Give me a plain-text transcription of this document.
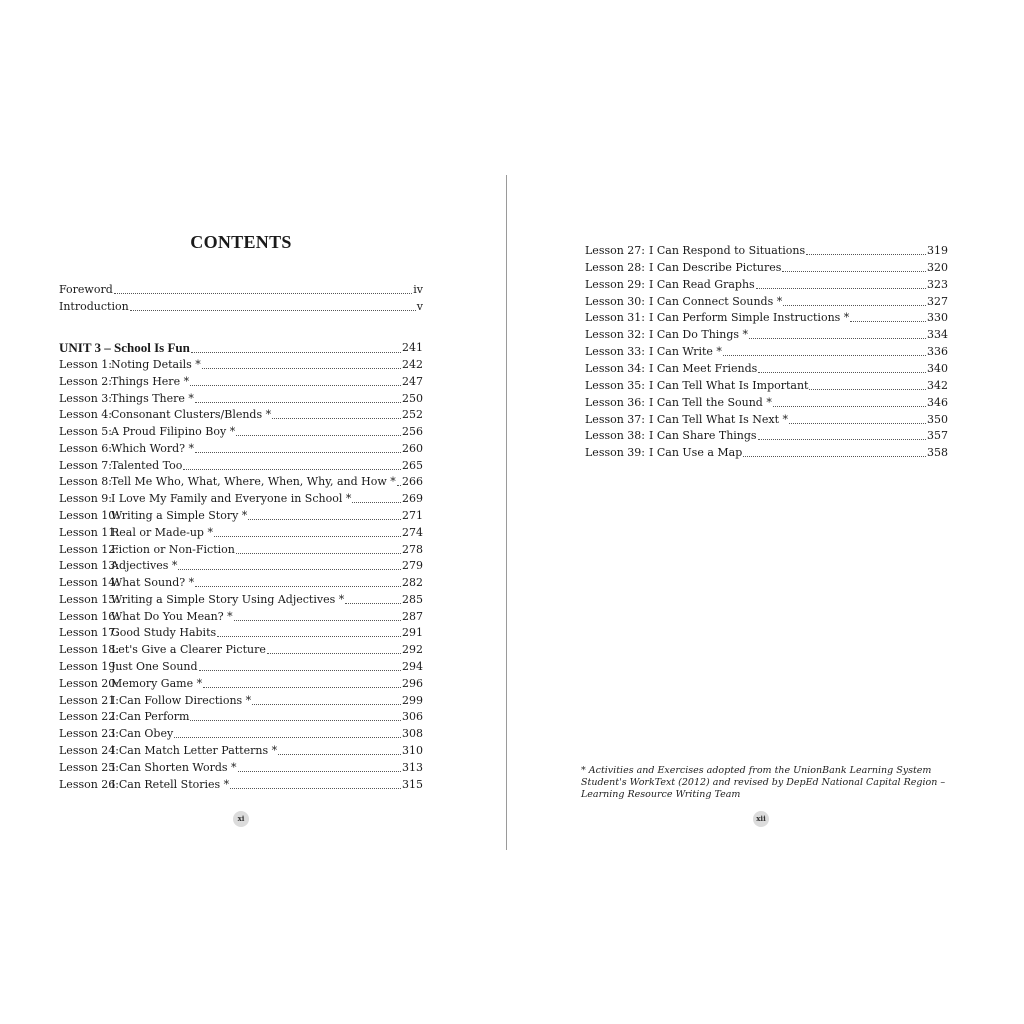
CONTENTS
Foreword	iv
Introduction	v
UNIT 3 – School Is Fun	241
Lesson 1:Noting Details *	242
Lesson 2:Things Here *	247
Lesson 3:Things There *	250
Lesson 4:Consonant Clusters/Blends *	252
Lesson 5:A Proud Filipino Boy *	256
Lesson 6:Which Word? *	260
Lesson 7:Talented Too	265
Lesson 8:Tell Me Who, What, Where, When, Why, and How * 266
Lesson 9:I Love My Family and Everyone in School *	269
Lesson 10:Writing a Simple Story *	271
Lesson 11:Real or Made-up *	274
Lesson 12:Fiction or Non-Fiction	278
Lesson 13:Adjectives *	279
Lesson 14:What Sound? *	282
Lesson 15:Writing a Simple Story Using Adjectives *	285
Lesson 16:What Do You Mean? *	287
Lesson 17:Good Study Habits	291
Lesson 18:Let's Give a Clearer Picture	292
Lesson 19:Just One Sound	294
Lesson 20:Memory Game *	296
Lesson 21:I Can Follow Directions *	299
Lesson 22:I Can Perform	306
Lesson 23:I Can Obey	308
Lesson 24:I Can Match Letter Patterns *	310
Lesson 25:I Can Shorten Words *	313
Lesson 26:I Can Retell Stories *	315
xi
Lesson 27: I Can Respond to Situations	319
Lesson 28: I Can Describe Pictures	320
Lesson 29: I Can Read Graphs	323
Lesson 30: I Can Connect Sounds *	327
Lesson 31: I Can Perform Simple Instructions *	330
Lesson 32: I Can Do Things *	334
Lesson 33: I Can Write *	336
Lesson 34: I Can Meet Friends	340
Lesson 35: I Can Tell What Is Important	342
Lesson 36: I Can Tell the Sound *	346
Lesson 37: I Can Tell What Is Next *	350
Lesson 38: I Can Share Things	357
Lesson 39: I Can Use a Map	358
* Activities and Exercises adopted from the UnionBank Learning System Student's WorkText (2012) and revised by DepEd National Capital Region – Learning Resource Writing Team
xii
